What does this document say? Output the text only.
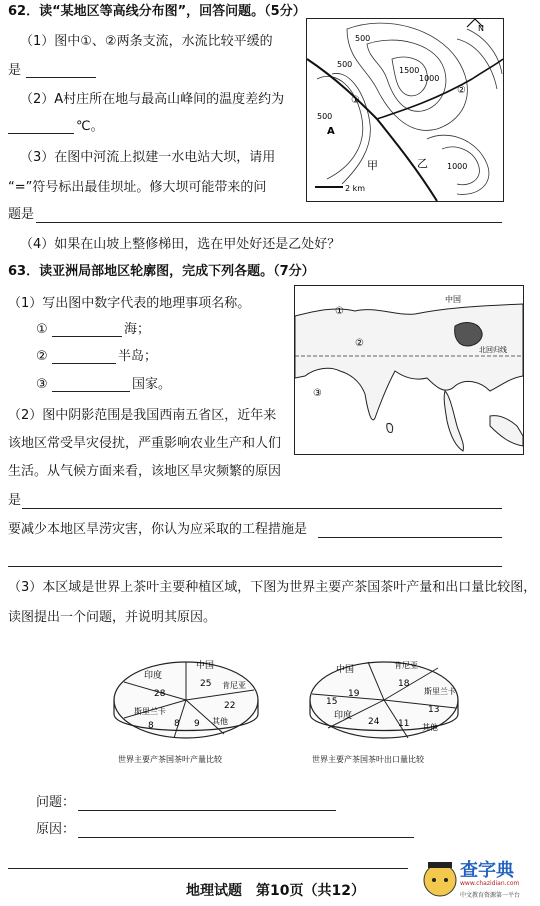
62．读“某地区等高线分布图”，回答问题。（5分）
（1）图中①、②两条支流，水流比较平缓的
是
（2）A村庄所在地与最高山峰间的温度差约为
℃。
（3）在图中河流上拟建一水电站大坝，请用
“=”符号标出最佳坝址。修大坝可能带来的问
题是
（4）如果在山坡上整修梯田，选在甲处好还是乙处好？
500
500
1000
1500
1000
500
A
甲	乙
①
②
N
2 km
63．读亚洲局部地区轮廓图，完成下列各题。（7分）
（1）写出图中数字代表的地理事项名称。
①	海；
②	半岛；
③	国家。
（2）图中阴影范围是我国西南五省区，近年来
该地区常受旱灾侵扰，严重影响农业生产和人们
生活。从气候方面来看，该地区旱灾频繁的原因
是
要减少本地区旱涝灾害，你认为应采取的工程措施是
①
②
③
中国
北回归线
（3）本区域是世界上茶叶主要种植区域，下图为世界主要产茶国茶叶产量和出口量比较图，
读图提出一个问题，并说明其原因。
印度
中国
肯尼亚
斯里兰卡
其他
28
25
22
9
8
8
世界主要产茶国茶叶产量比较
中国	肯尼亚
斯里兰卡
其他
印度
19
18
24
13
11
15
世界主要产茶国茶叶出口量比较
问题：
原因：
地理试题　第10页（共12）
查字典
www.chazidian.com
中文教育资源第一平台
